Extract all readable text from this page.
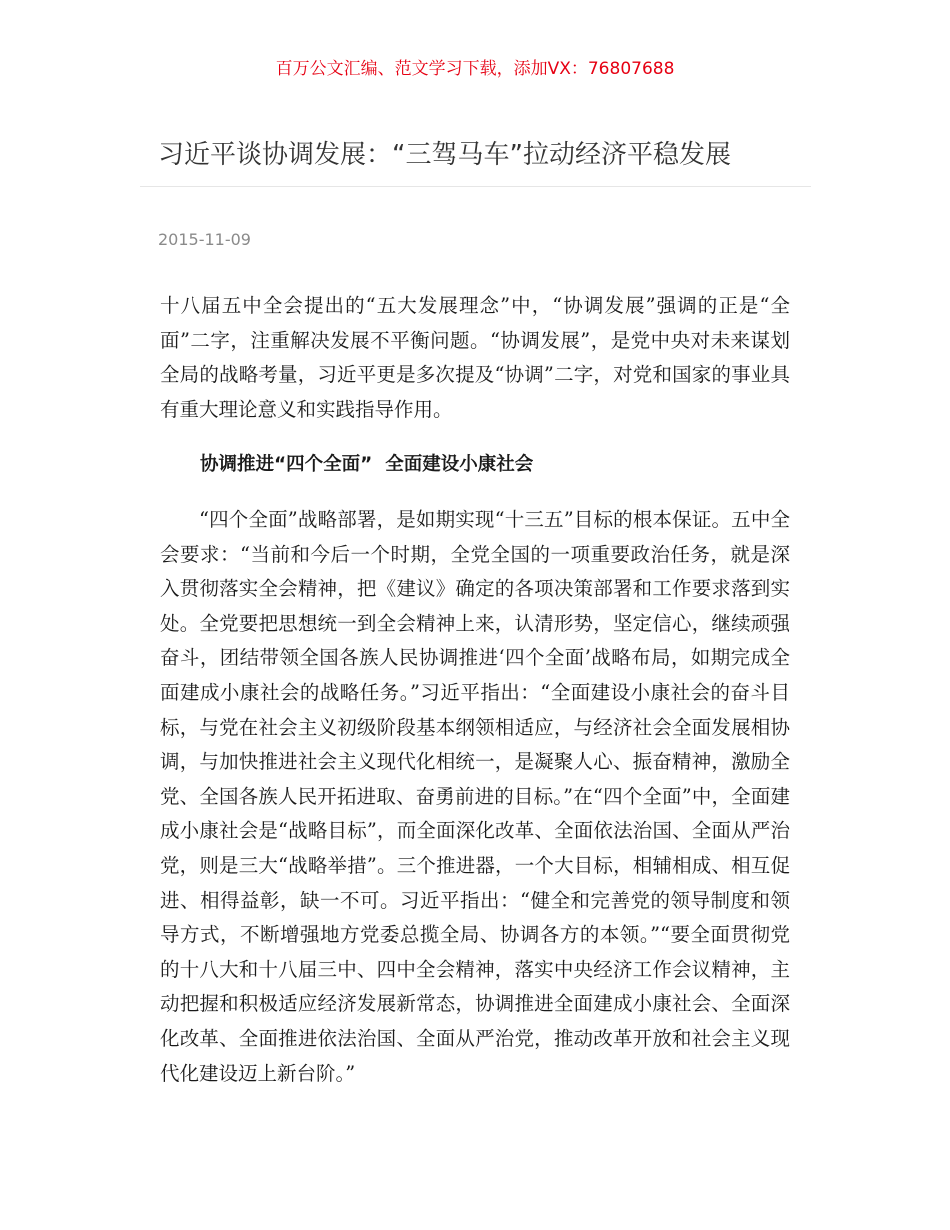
百万公文汇编、范文学习下载，添加VX：76807688
习近平谈协调发展：“三驾马车”拉动经济平稳发展
2015-11-09
十八届五中全会提出的“五大发展理念”中，“协调发展”强调的正是“全面”二字，注重解决发展不平衡问题。“协调发展”，是党中央对未来谋划全局的战略考量，习近平更是多次提及“协调”二字，对党和国家的事业具有重大理论意义和实践指导作用。
协调推进“四个全面”  全面建设小康社会
“四个全面”战略部署，是如期实现“十三五”目标的根本保证。五中全会要求：“当前和今后一个时期，全党全国的一项重要政治任务，就是深入贯彻落实全会精神，把《建议》确定的各项决策部署和工作要求落到实处。全党要把思想统一到全会精神上来，认清形势，坚定信心，继续顽强奋斗，团结带领全国各族人民协调推进‘四个全面’战略布局，如期完成全面建成小康社会的战略任务。”习近平指出：“全面建设小康社会的奋斗目标，与党在社会主义初级阶段基本纲领相适应，与经济社会全面发展相协调，与加快推进社会主义现代化相统一，是凝聚人心、振奋精神，激励全党、全国各族人民开拓进取、奋勇前进的目标。”在“四个全面”中，全面建成小康社会是“战略目标”，而全面深化改革、全面依法治国、全面从严治党，则是三大“战略举措”。三个推进器，一个大目标，相辅相成、相互促进、相得益彰，缺一不可。习近平指出：“健全和完善党的领导制度和领导方式，不断增强地方党委总揽全局、协调各方的本领。”“要全面贯彻党的十八大和十八届三中、四中全会精神，落实中央经济工作会议精神，主动把握和积极适应经济发展新常态，协调推进全面建成小康社会、全面深化改革、全面推进依法治国、全面从严治党，推动改革开放和社会主义现代化建设迈上新台阶。”
